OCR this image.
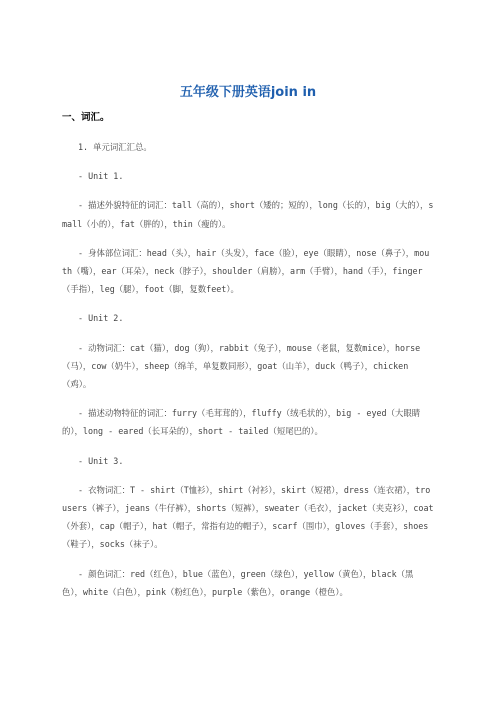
五年级下册英语join in
一、词汇。

1. 单元词汇汇总。

- Unit 1.

- 描述外貌特征的词汇：tall（高的），short（矮的；短的），long（长的），big（大的），small（小的），fat（胖的），thin（瘦的）。

- 身体部位词汇：head（头），hair（头发），face（脸），eye（眼睛），nose（鼻子），mouth（嘴），ear（耳朵），neck（脖子），shoulder（肩膀），arm（手臂），hand（手），finger（手指），leg（腿），foot（脚，复数feet）。

- Unit 2.

- 动物词汇：cat（猫），dog（狗），rabbit（兔子），mouse（老鼠，复数mice），horse（马），cow（奶牛），sheep（绵羊，单复数同形），goat（山羊），duck（鸭子），chicken（鸡）。

- 描述动物特征的词汇：furry（毛茸茸的），fluffy（绒毛状的），big - eyed（大眼睛的），long - eared（长耳朵的），short - tailed（短尾巴的）。

- Unit 3.

- 衣物词汇：T - shirt（T恤衫），shirt（衬衫），skirt（短裙），dress（连衣裙），trousers（裤子），jeans（牛仔裤），shorts（短裤），sweater（毛衣），jacket（夹克衫），coat（外套），cap（帽子），hat（帽子，常指有边的帽子），scarf（围巾），gloves（手套），shoes（鞋子），socks（袜子）。

- 颜色词汇：red（红色），blue（蓝色），green（绿色），yellow（黄色），black（黑色），white（白色），pink（粉红色），purple（紫色），orange（橙色）。
